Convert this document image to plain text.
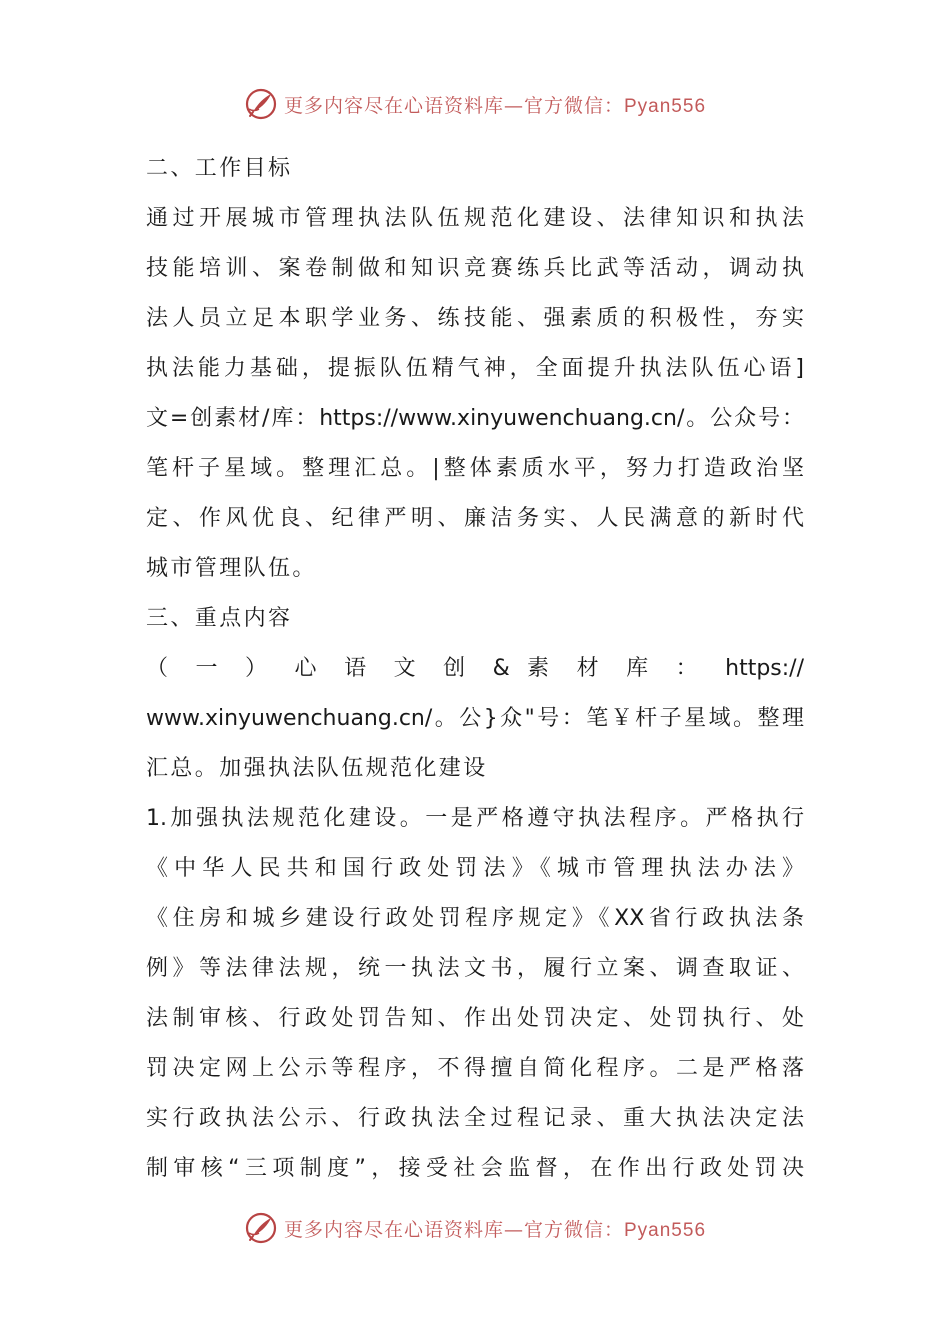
更多内容尽在心语资料库—官方微信：Pyan556
二、工作目标
通过开展城市管理执法队伍规范化建设、法律知识和执法
技能培训、案卷制做和知识竞赛练兵比武等活动，调动执
法人员立足本职学业务、练技能、强素质的积极性，夯实
执法能力基础，提振队伍精气神，全面提升执法队伍心语]
文=创素材/库：https://www.xinyuwenchuang.cn/。公众号：
笔杆子星域。整理汇总。|整体素质水平，努力打造政治坚
定、作风优良、纪律严明、廉洁务实、人民满意的新时代
城市管理队伍。
三、重点内容
（ 一 ） 心 语 文 创 & 素 材 库 ： https://
www.xinyuwenchuang.cn/。公}众"号：笔￥杆子星域。整理
汇总。加强执法队伍规范化建设
1.加强执法规范化建设。一是严格遵守执法程序。严格执行
《中华人民共和国行政处罚法》《城市管理执法办法》
《住房和城乡建设行政处罚程序规定》《XX省行政执法条
例》等法律法规，统一执法文书，履行立案、调查取证、
法制审核、行政处罚告知、作出处罚决定、处罚执行、处
罚决定网上公示等程序，不得擅自简化程序。二是严格落
实行政执法公示、行政执法全过程记录、重大执法决定法
制审核“三项制度”，接受社会监督，在作出行政处罚决
更多内容尽在心语资料库—官方微信：Pyan556
